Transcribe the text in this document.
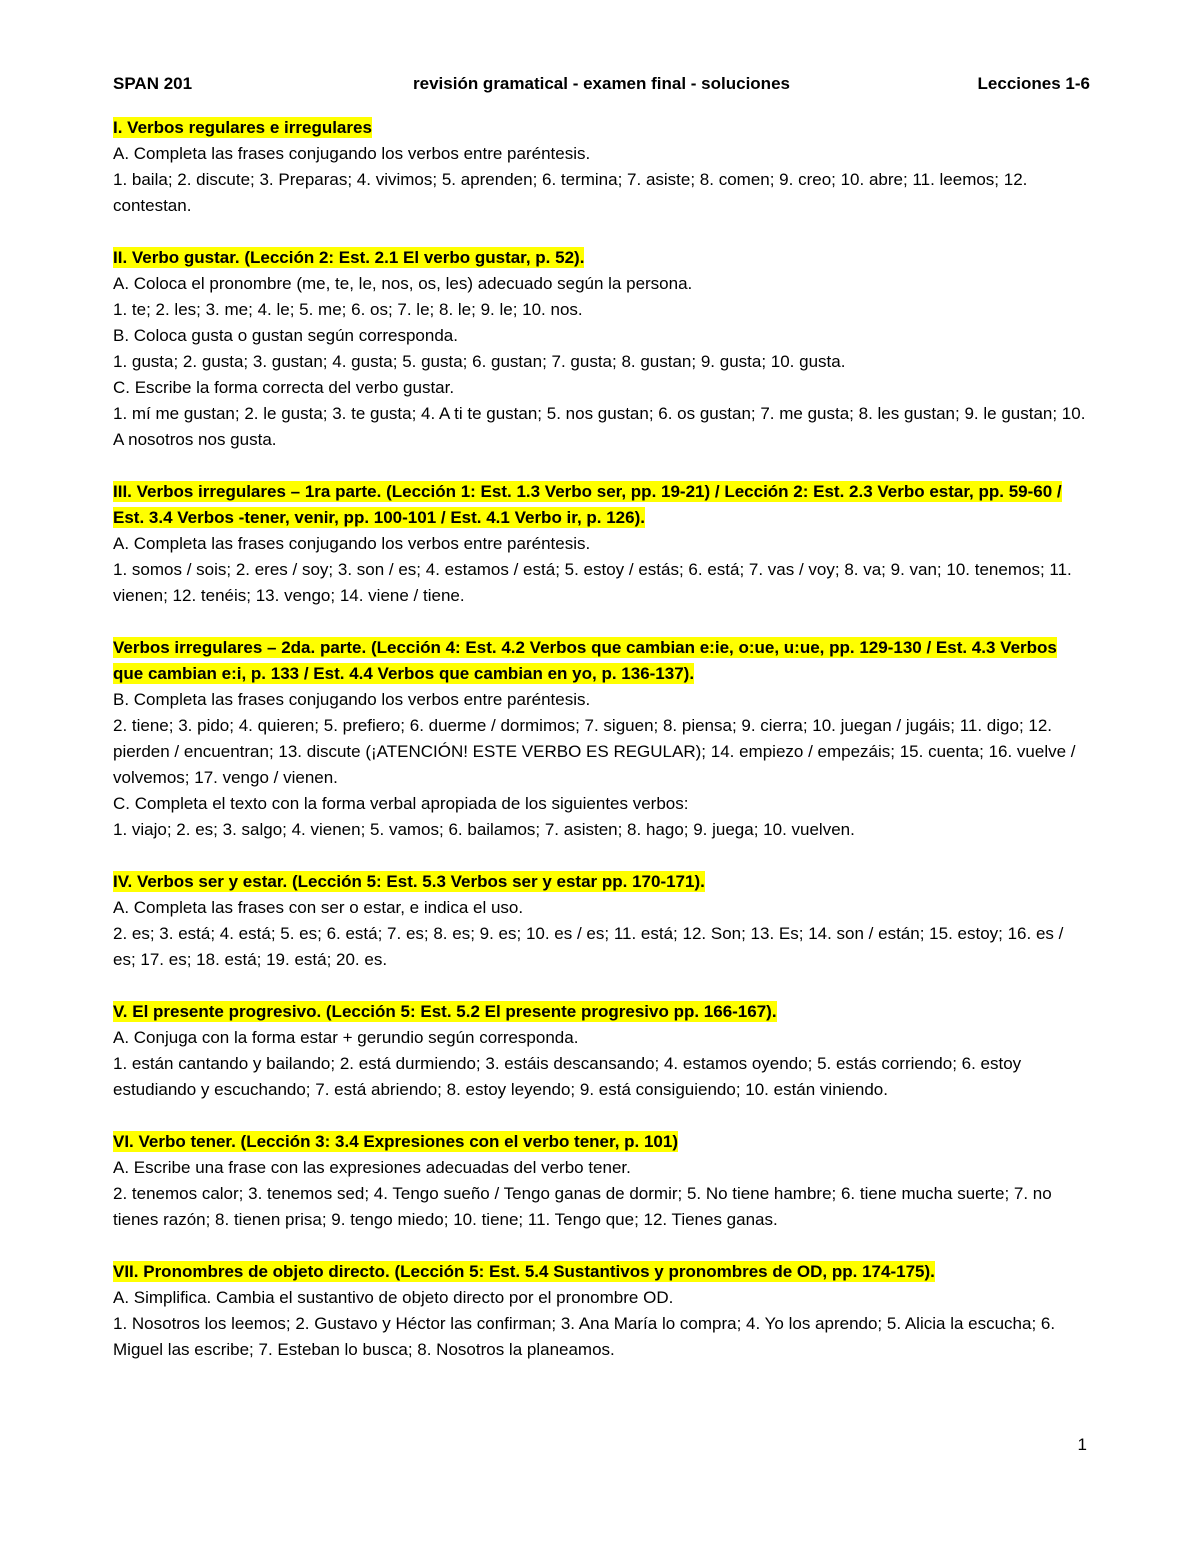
SPAN 201	revisión gramatical - examen final - soluciones	Lecciones 1-6

I. Verbos regulares e irregulares

A. Completa las frases conjugando los verbos entre paréntesis.

1. baila; 2. discute; 3. Preparas; 4. vivimos; 5. aprenden; 6. termina; 7. asiste; 8. comen; 9. creo; 10. abre; 11. leemos; 12. contestan.

II. Verbo gustar. (Lección 2: Est. 2.1 El verbo gustar, p. 52).

A. Coloca el pronombre (me, te, le, nos, os, les) adecuado según la persona.

1. te; 2. les; 3. me; 4. le; 5. me; 6. os; 7. le; 8. le; 9. le; 10. nos.

B. Coloca gusta o gustan según corresponda.

1. gusta; 2. gusta; 3. gustan; 4. gusta; 5. gusta; 6. gustan; 7. gusta; 8. gustan; 9. gusta; 10. gusta.

C. Escribe la forma correcta del verbo gustar.

1. mí me gustan; 2. le gusta; 3. te gusta; 4. A ti te gustan; 5. nos gustan; 6. os gustan; 7. me gusta; 8. les gustan; 9. le gustan; 10. A nosotros nos gusta.

III. Verbos irregulares – 1ra parte. (Lección 1: Est. 1.3 Verbo ser, pp. 19-21) / Lección 2: Est. 2.3 Verbo estar, pp. 59-60 / Est. 3.4 Verbos -tener, venir, pp. 100-101 / Est. 4.1 Verbo ir, p. 126).

A. Completa las frases conjugando los verbos entre paréntesis.

1. somos / sois; 2. eres / soy; 3. son / es; 4. estamos / está; 5. estoy / estás; 6. está; 7. vas / voy; 8. va; 9. van; 10. tenemos; 11. vienen; 12. tenéis; 13. vengo; 14. viene / tiene.

Verbos irregulares – 2da. parte. (Lección 4: Est. 4.2 Verbos que cambian e:ie, o:ue, u:ue, pp. 129-130 / Est. 4.3 Verbos que cambian e:i, p. 133 / Est. 4.4 Verbos que cambian en yo, p. 136-137).

B. Completa las frases conjugando los verbos entre paréntesis.

2. tiene; 3. pido; 4. quieren; 5. prefiero; 6. duerme / dormimos; 7. siguen; 8. piensa; 9. cierra; 10. juegan / jugáis; 11. digo; 12. pierden / encuentran; 13. discute (¡ATENCIÓN! ESTE VERBO ES REGULAR); 14. empiezo / empezáis; 15. cuenta; 16. vuelve / volvemos; 17. vengo / vienen.

C. Completa el texto con la forma verbal apropiada de los siguientes verbos:

1. viajo; 2. es; 3. salgo; 4. vienen; 5. vamos; 6. bailamos; 7. asisten; 8. hago; 9. juega; 10. vuelven.

IV. Verbos ser y estar. (Lección 5: Est. 5.3 Verbos ser y estar pp. 170-171).

A. Completa las frases con ser o estar, e indica el uso.

2. es; 3. está; 4. está; 5. es; 6. está; 7. es; 8. es; 9. es; 10. es / es; 11. está; 12. Son; 13. Es; 14. son / están; 15. estoy; 16. es / es; 17. es; 18. está; 19. está; 20. es.

V. El presente progresivo. (Lección 5: Est. 5.2 El presente progresivo pp. 166-167).

A. Conjuga con la forma estar + gerundio según corresponda.

1. están cantando y bailando; 2. está durmiendo; 3. estáis descansando; 4. estamos oyendo; 5. estás corriendo; 6. estoy estudiando y escuchando; 7. está abriendo; 8. estoy leyendo; 9. está consiguiendo; 10. están viniendo.

VI. Verbo tener. (Lección 3: 3.4 Expresiones con el verbo tener, p. 101)

A. Escribe una frase con las expresiones adecuadas del verbo tener.

2. tenemos calor; 3. tenemos sed; 4. Tengo sueño / Tengo ganas de dormir; 5. No tiene hambre; 6. tiene mucha suerte; 7. no tienes razón; 8. tienen prisa; 9. tengo miedo; 10. tiene; 11. Tengo que; 12. Tienes ganas.

VII. Pronombres de objeto directo. (Lección 5: Est. 5.4 Sustantivos y pronombres de OD, pp. 174-175).

A. Simplifica. Cambia el sustantivo de objeto directo por el pronombre OD.

1. Nosotros los leemos; 2. Gustavo y Héctor las confirman; 3. Ana María lo compra; 4. Yo los aprendo; 5. Alicia la escucha; 6. Miguel las escribe; 7. Esteban lo busca; 8. Nosotros la planeamos.

1
